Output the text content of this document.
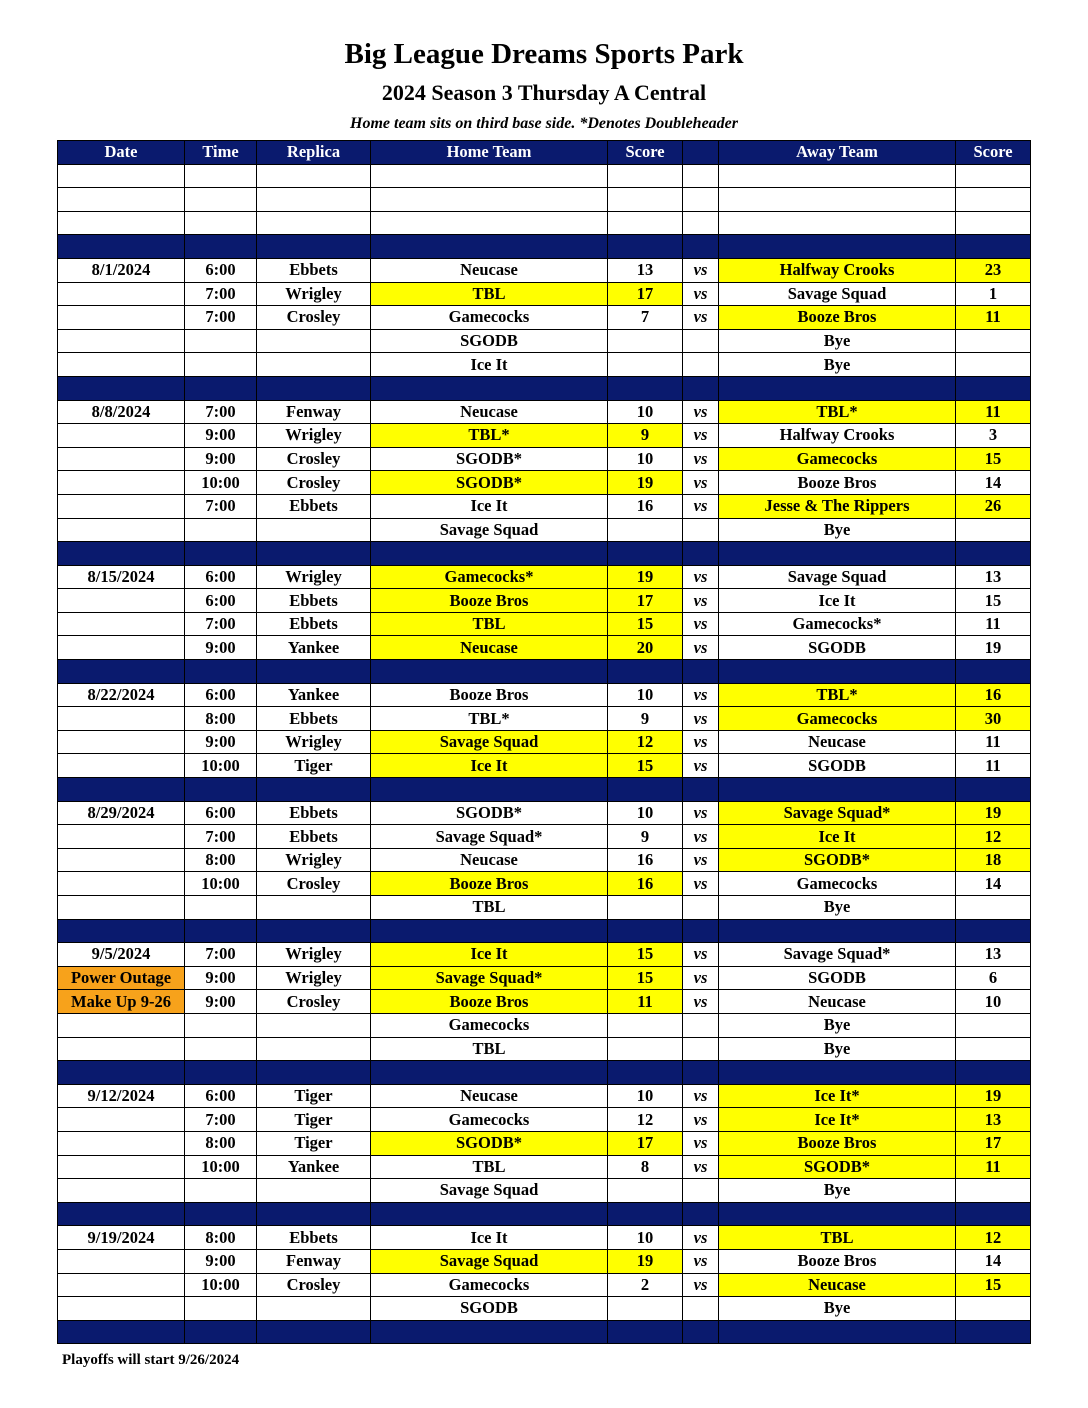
Big League Dreams Sports Park
2024 Season 3 Thursday A Central
Home team sits on third base side. *Denotes Doubleheader
Date	Time	Replica	Home Team	Score		Away Team	Score

8/1/2024	6:00	Ebbets	Neucase	13	vs	Halfway Crooks	23
	7:00	Wrigley	TBL	17	vs	Savage Squad	1
	7:00	Crosley	Gamecocks	7	vs	Booze Bros	11
			SGODB			Bye	
			Ice It			Bye	

8/8/2024	7:00	Fenway	Neucase	10	vs	TBL*	11
	9:00	Wrigley	TBL*	9	vs	Halfway Crooks	3
	9:00	Crosley	SGODB*	10	vs	Gamecocks	15
	10:00	Crosley	SGODB*	19	vs	Booze Bros	14
	7:00	Ebbets	Ice It	16	vs	Jesse & The Rippers	26
			Savage Squad			Bye	

8/15/2024	6:00	Wrigley	Gamecocks*	19	vs	Savage Squad	13
	6:00	Ebbets	Booze Bros	17	vs	Ice It	15
	7:00	Ebbets	TBL	15	vs	Gamecocks*	11
	9:00	Yankee	Neucase	20	vs	SGODB	19

8/22/2024	6:00	Yankee	Booze Bros	10	vs	TBL*	16
	8:00	Ebbets	TBL*	9	vs	Gamecocks	30
	9:00	Wrigley	Savage Squad	12	vs	Neucase	11
	10:00	Tiger	Ice It	15	vs	SGODB	11

8/29/2024	6:00	Ebbets	SGODB*	10	vs	Savage Squad*	19
	7:00	Ebbets	Savage Squad*	9	vs	Ice It	12
	8:00	Wrigley	Neucase	16	vs	SGODB*	18
	10:00	Crosley	Booze Bros	16	vs	Gamecocks	14
			TBL			Bye	

9/5/2024	7:00	Wrigley	Ice It	15	vs	Savage Squad*	13
Power Outage	9:00	Wrigley	Savage Squad*	15	vs	SGODB	6
Make Up 9-26	9:00	Crosley	Booze Bros	11	vs	Neucase	10
			Gamecocks			Bye	
			TBL			Bye	

9/12/2024	6:00	Tiger	Neucase	10	vs	Ice It*	19
	7:00	Tiger	Gamecocks	12	vs	Ice It*	13
	8:00	Tiger	SGODB*	17	vs	Booze Bros	17
	10:00	Yankee	TBL	8	vs	SGODB*	11
			Savage Squad			Bye	

9/19/2024	8:00	Ebbets	Ice It	10	vs	TBL	12
	9:00	Fenway	Savage Squad	19	vs	Booze Bros	14
	10:00	Crosley	Gamecocks	2	vs	Neucase	15
			SGODB			Bye	

Playoffs will start 9/26/2024
